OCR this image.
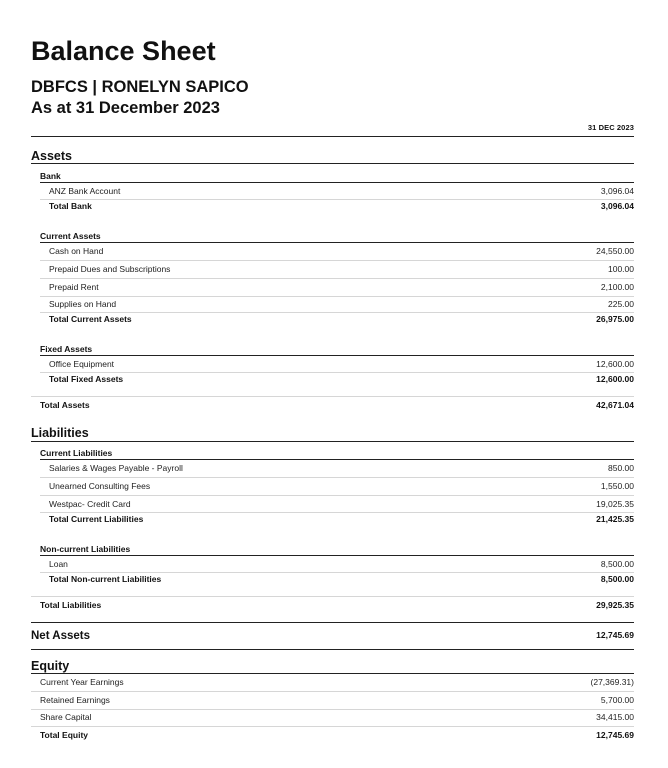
Balance Sheet
DBFCS | RONELYN SAPICO
As at 31 December 2023
31 DEC 2023
Assets
Bank
ANZ Bank Account	3,096.04
Total Bank	3,096.04
Current Assets
Cash on Hand	24,550.00
Prepaid Dues and Subscriptions	100.00
Prepaid Rent	2,100.00
Supplies on Hand	225.00
Total Current Assets	26,975.00
Fixed Assets
Office Equipment	12,600.00
Total Fixed Assets	12,600.00
Total Assets	42,671.04
Liabilities
Current Liabilities
Salaries & Wages Payable - Payroll	850.00
Unearned Consulting Fees	1,550.00
Westpac- Credit Card	19,025.35
Total Current Liabilities	21,425.35
Non-current Liabilities
Loan	8,500.00
Total Non-current Liabilities	8,500.00
Total Liabilities	29,925.35
Net Assets	12,745.69
Equity
Current Year Earnings	(27,369.31)
Retained Earnings	5,700.00
Share Capital	34,415.00
Total Equity	12,745.69
